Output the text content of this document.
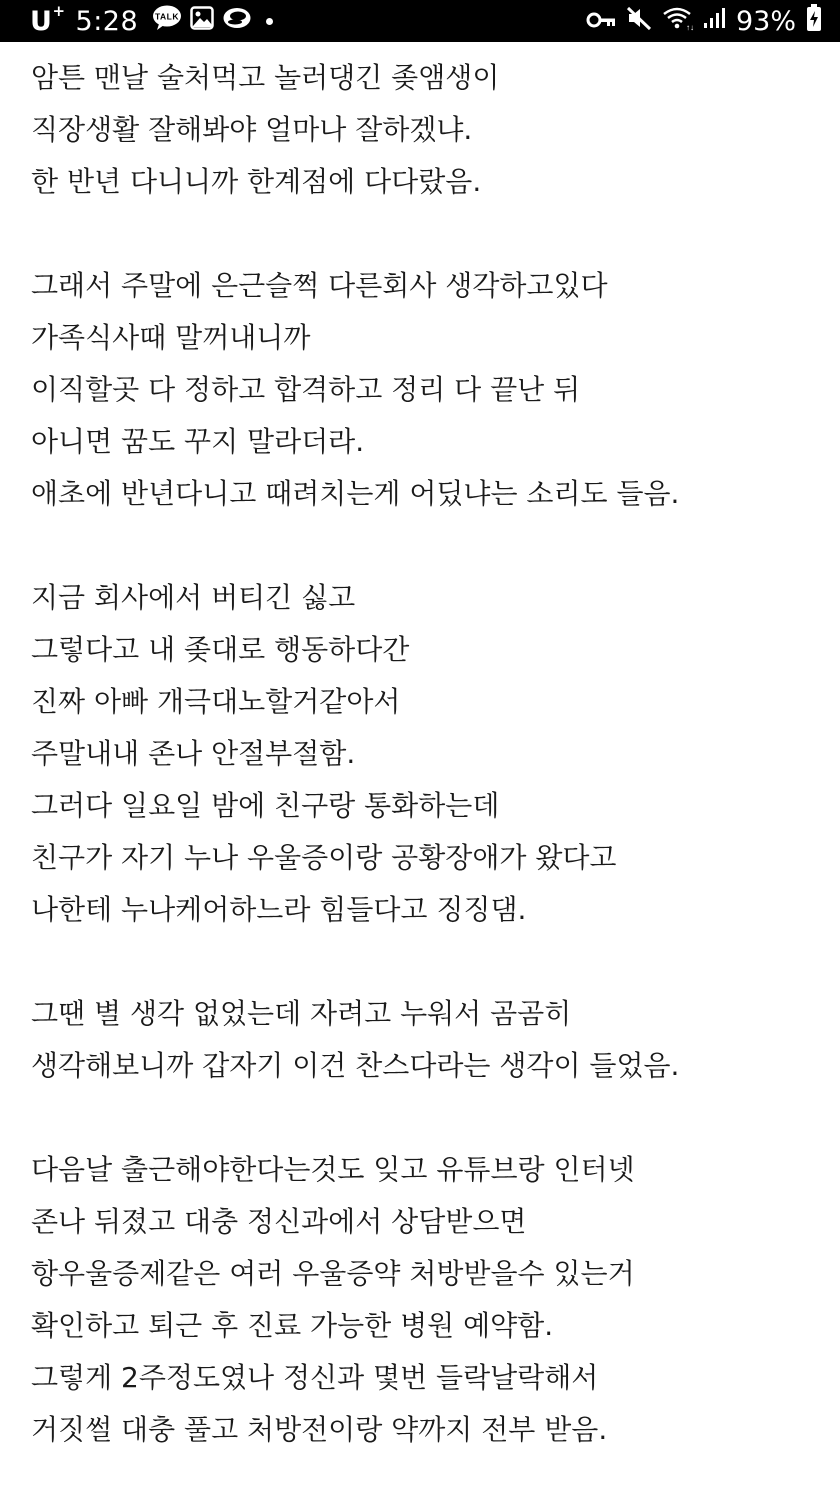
U+ 5:28 TALK
↑↓ 93%
암튼 맨날 술처먹고 놀러댕긴 좆앰생이
직장생활 잘해봐야 얼마나 잘하겠냐.
한 반년 다니니까 한계점에 다다랐음.
그래서 주말에 은근슬쩍 다른회사 생각하고있다
가족식사때 말꺼내니까
이직할곳 다 정하고 합격하고 정리 다 끝난 뒤
아니면 꿈도 꾸지 말라더라.
애초에 반년다니고 때려치는게 어딨냐는 소리도 들음.
지금 회사에서 버티긴 싫고
그렇다고 내 좆대로 행동하다간
진짜 아빠 개극대노할거같아서
주말내내 존나 안절부절함.
그러다 일요일 밤에 친구랑 통화하는데
친구가 자기 누나 우울증이랑 공황장애가 왔다고
나한테 누나케어하느라 힘들다고 징징댐.
그땐 별 생각 없었는데 자려고 누워서 곰곰히
생각해보니까 갑자기 이건 찬스다라는 생각이 들었음.
다음날 출근해야한다는것도 잊고 유튜브랑 인터넷
존나 뒤졌고 대충 정신과에서 상담받으면
항우울증제같은 여러 우울증약 처방받을수 있는거
확인하고 퇴근 후 진료 가능한 병원 예약함.
그렇게 2주정도였나 정신과 몇번 들락날락해서
거짓썰 대충 풀고 처방전이랑 약까지 전부 받음.
